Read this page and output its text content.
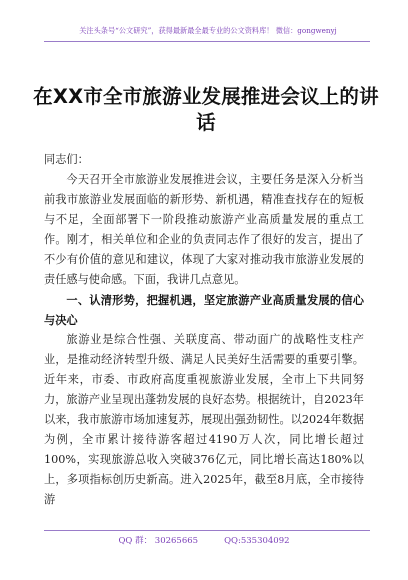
关注头条号“公文研究”，获得最新最全最专业的公文资料库！ 微信：gongwenyj
在XX市全市旅游业发展推进会议上的讲话

同志们：

今天召开全市旅游业发展推进会议，主要任务是深入分析当前我市旅游业发展面临的新形势、新机遇，精准查找存在的短板与不足，全面部署下一阶段推动旅游产业高质量发展的重点工作。刚才，相关单位和企业的负责同志作了很好的发言，提出了不少有价值的意见和建议，体现了大家对推动我市旅游业发展的责任感与使命感。下面，我讲几点意见。

一、认清形势，把握机遇，坚定旅游产业高质量发展的信心与决心

旅游业是综合性强、关联度高、带动面广的战略性支柱产业，是推动经济转型升级、满足人民美好生活需要的重要引擎。近年来，市委、市政府高度重视旅游业发展，全市上下共同努力，旅游产业呈现出蓬勃发展的良好态势。根据统计，自2023年以来，我市旅游市场加速复苏，展现出强劲韧性。以2024年数据为例，全市累计接待游客超过4190万人次，同比增长超过100%，实现旅游总收入突破376亿元，同比增长高达180%以上，多项指标创历史新高。进入2025年，截至8月底，全市接待游

QQ 群： 30265665	QQ:535304092
